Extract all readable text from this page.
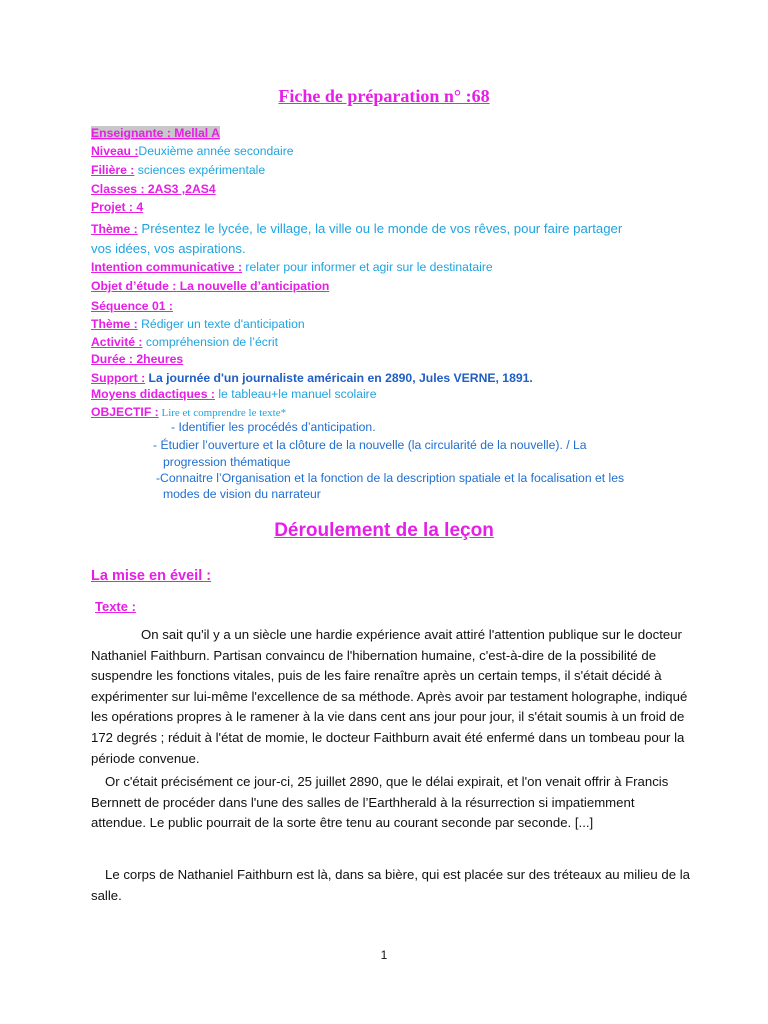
Fiche de préparation n° :68
Enseignante : Mellal A
Niveau :Deuxième année secondaire
Filière : sciences expérimentale
Classes : 2AS3 ,2AS4
Projet : 4
Thème : Présentez le lycée, le village, la ville ou le monde de vos rêves, pour faire partager
vos idées, vos aspirations.
Intention communicative : relater pour informer et agir sur le destinataire
Objet d’étude : La nouvelle d’anticipation
Séquence 01 :
Thème : Rédiger un texte d'anticipation
Activité : compréhension de l’écrit
Durée : 2heures
Support : La journée d'un journaliste américain en 2890, Jules VERNE, 1891.
Moyens didactiques : le tableau+le manuel scolaire
OBJECTIF : Lire et comprendre le texte*
- Identifier les procédés d’anticipation.
- Étudier l’ouverture et la clôture de la nouvelle (la circularité de la nouvelle). / La
progression thématique
-Connaitre l’Organisation et la fonction de la description spatiale et la focalisation et les
modes de vision du narrateur
Déroulement de la leçon
La mise en éveil :
Texte :

On sait qu'il y a un siècle une hardie expérience avait attiré l'attention publique sur le docteur Nathaniel Faithburn. Partisan convaincu de l'hibernation humaine, c'est-à-dire de la possibilité de suspendre les fonctions vitales, puis de les faire renaître après un certain temps, il s'était décidé à expérimenter sur lui-même l'excellence de sa méthode. Après avoir par testament holographe, indiqué les opérations propres à le ramener à la vie dans cent ans jour pour jour, il s'était soumis à un froid de 172 degrés ; réduit à l'état de momie, le docteur Faithburn avait été enfermé dans un tombeau pour la période convenue.

Or c'était précisément ce jour-ci, 25 juillet 2890, que le délai expirait, et l'on venait offrir à Francis Bernnett de procéder dans l'une des salles de l’Earthherald à la résurrection si impatiemment attendue. Le public pourrait de la sorte être tenu au courant seconde par seconde. [...]

Le corps de Nathaniel Faithburn est là, dans sa bière, qui est placée sur des tréteaux au milieu de la salle.

1
